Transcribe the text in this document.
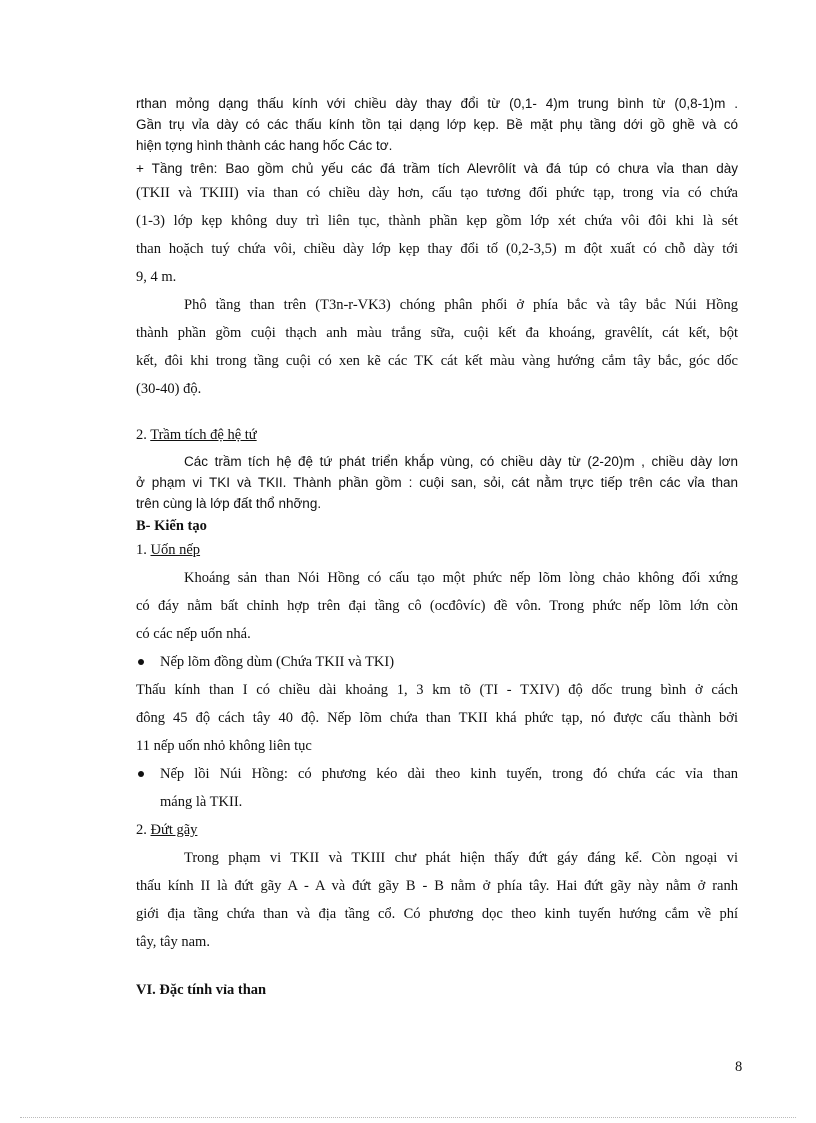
rthan mỏng dạng thấu kính với chiều dày thay đổi từ (0,1- 4)m trung bình từ (0,8-1)m .

Gần trụ vỉa dày có các thấu kính tồn tại dạng lớp kẹp. Bề mặt phụ tầng dới gồ ghề và có

hiện tợng hình thành các hang hốc Các tơ.

+ Tầng trên: Bao gồm chủ yếu các đá trầm tích Alevrôlít và đá túp có chưa vỉa than dày

(TKII và TKIII) vỉa than có chiều dày hơn, cấu tạo tương đối phức tạp, trong vỉa có chứa

(1-3) lớp kẹp không duy trì liên tục, thành phần kẹp gồm lớp xét chứa vôi đôi khi là sét

than hoặch tuý chứa vôi, chiều dày lớp kẹp thay đổi tố (0,2-3,5) m đột xuất có chỗ dày tới

9, 4 m.

Phô tầng than trên (T3n-r-VK3) chóng phân phối ở phía bắc và tây bắc Núi Hồng

thành phần gồm cuội thạch anh màu trắng sữa, cuội kết đa khoáng, gravêlít, cát kết, bột

kết, đôi khi trong tầng cuội có xen kẽ các TK cát kết màu vàng hướng cắm tây bắc, góc dốc

(30-40) độ.

2. Trầm tích đệ hệ tứ

Các trầm tích hệ đệ tứ phát triển khắp vùng, có chiều dày từ (2-20)m , chiều dày lơn

ở phạm vi TKI và TKII. Thành phần gồm : cuội san, sỏi, cát nằm trực tiếp trên các vỉa than

trên cùng là lớp đất thổ nhỡng.

B- Kiến tạo

1. Uốn nếp

Khoáng sản than Nói Hồng có cấu tạo một phức nếp lõm lòng chảo không đối xứng

có đáy nằm bất chỉnh hợp trên đại tầng cô (ocđôvíc) đề vôn. Trong phức nếp lõm lớn còn

có các nếp uốn nhá.

Nếp lõm đồng dùm (Chứa TKII và TKI)

Thấu kính than I có chiều dài khoảng 1, 3 km tõ (TI - TXIV) độ dốc trung bình ở cách

đông 45 độ cách tây 40 độ. Nếp lõm chứa than TKII khá phức tạp, nó được cấu thành bởi

11 nếp uốn nhỏ không liên tục

Nếp lồi Núi Hồng: có phương kéo dài theo kinh tuyến, trong đó chứa các vỉa than

máng là TKII.

2. Đứt gãy

Trong phạm vi TKII và TKIII chư phát hiện thấy đứt gáy đáng kể. Còn ngoại vi

thấu kính II là đứt gãy A - A và đứt gãy B - B nằm ở phía tây. Hai đứt gãy này nằm ở ranh

giới địa tầng chứa than và địa tầng cổ. Có phương dọc theo kinh tuyến hướng cắm về phí

tây, tây nam.

VI. Đặc tính vỉa than

8
